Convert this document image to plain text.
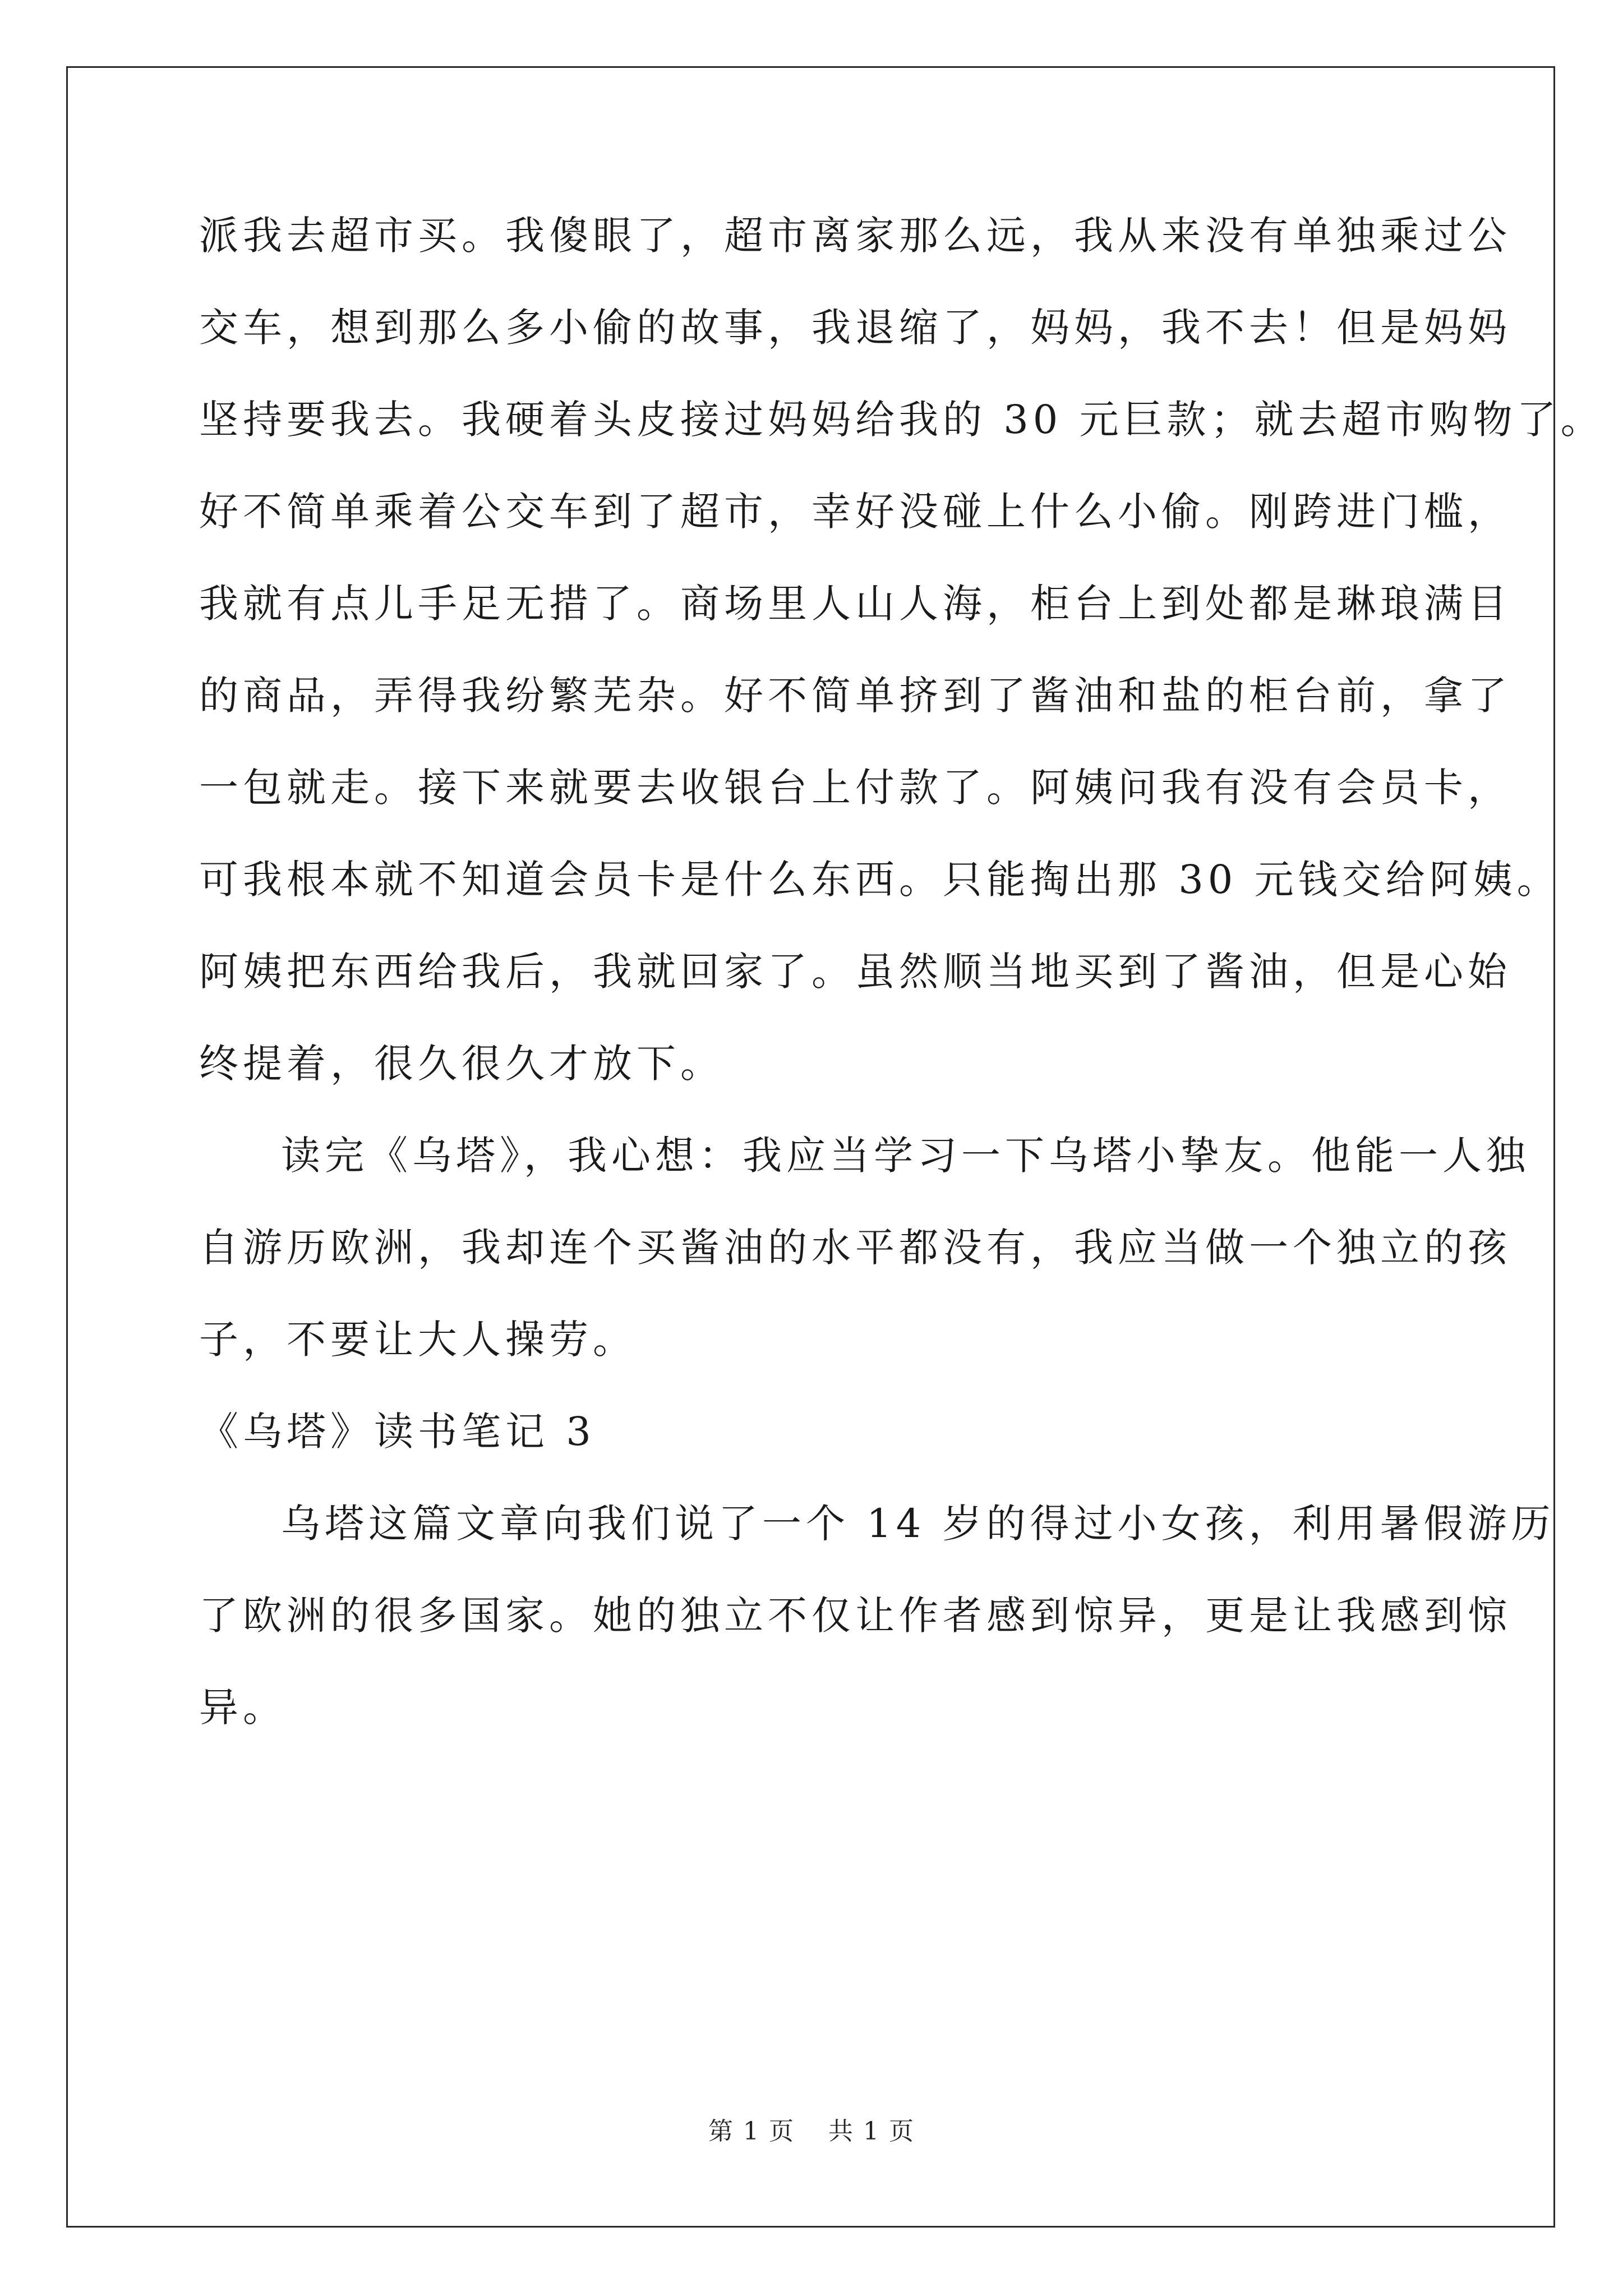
派我去超市买。我傻眼了，超市离家那么远，我从来没有单独乘过公
交车，想到那么多小偷的故事，我退缩了，妈妈，我不去！但是妈妈
坚持要我去。我硬着头皮接过妈妈给我的 30 元巨款；就去超市购物了。
好不简单乘着公交车到了超市，幸好没碰上什么小偷。刚跨进门槛，
我就有点儿手足无措了。商场里人山人海，柜台上到处都是琳琅满目
的商品，弄得我纷繁芜杂。好不简单挤到了酱油和盐的柜台前，拿了
一包就走。接下来就要去收银台上付款了。阿姨问我有没有会员卡，
可我根本就不知道会员卡是什么东西。只能掏出那 30 元钱交给阿姨。
阿姨把东西给我后，我就回家了。虽然顺当地买到了酱油，但是心始
终提着，很久很久才放下。
读完《乌塔》，我心想：我应当学习一下乌塔小挚友。他能一人独
自游历欧洲，我却连个买酱油的水平都没有，我应当做一个独立的孩
子，不要让大人操劳。
《乌塔》读书笔记 3
乌塔这篇文章向我们说了一个 14 岁的得过小女孩，利用暑假游历
了欧洲的很多国家。她的独立不仅让作者感到惊异，更是让我感到惊
异。
第 1 页 共 1 页
